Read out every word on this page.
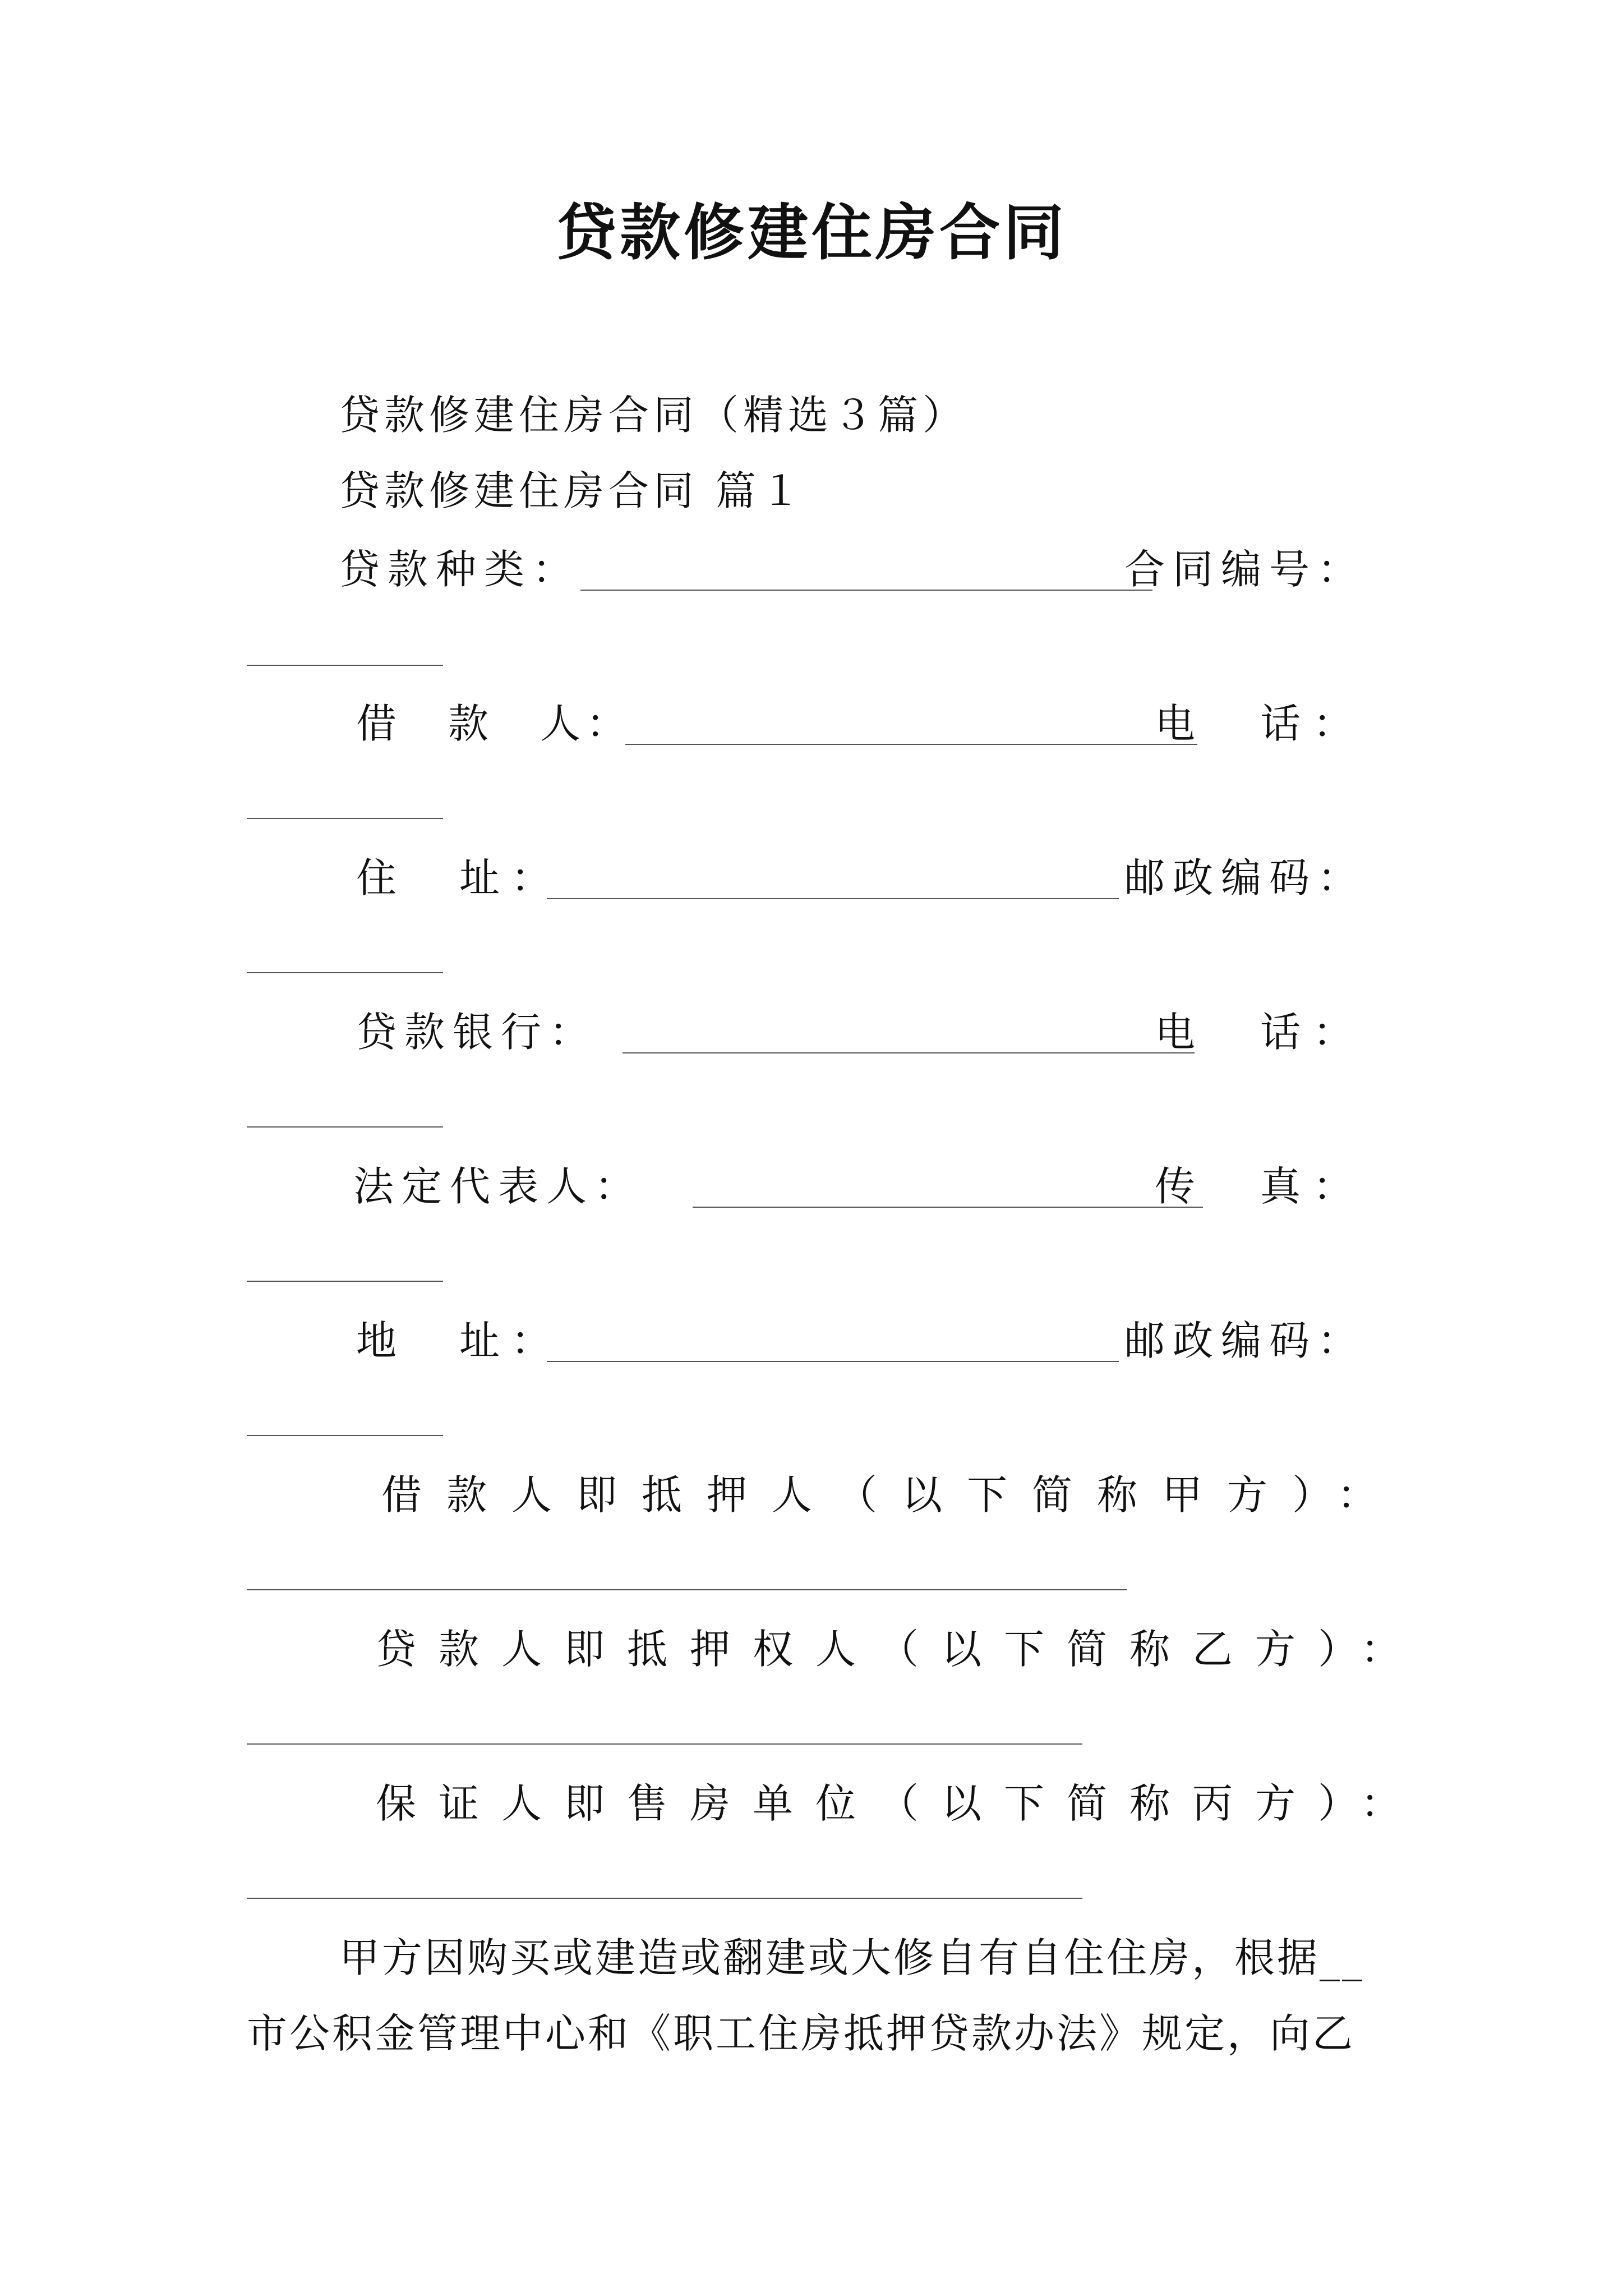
贷款修建住房合同
贷款修建住房合同（精选３篇）
贷款修建住房合同 篇１
贷款种类：	合同编号：
借　款　人：	电　话：
住　址：	邮政编码：
贷款银行：	电　话：
法定代表人：	传　真：
地　址：	邮政编码：
借款人即抵押人（以下简称甲方）：
贷款人即抵押权人（以下简称乙方）：
保证人即售房单位（以下简称丙方）：
甲方因购买或建造或翻建或大修自有自住住房，根据__
市公积金管理中心和《职工住房抵押贷款办法》规定，向乙
